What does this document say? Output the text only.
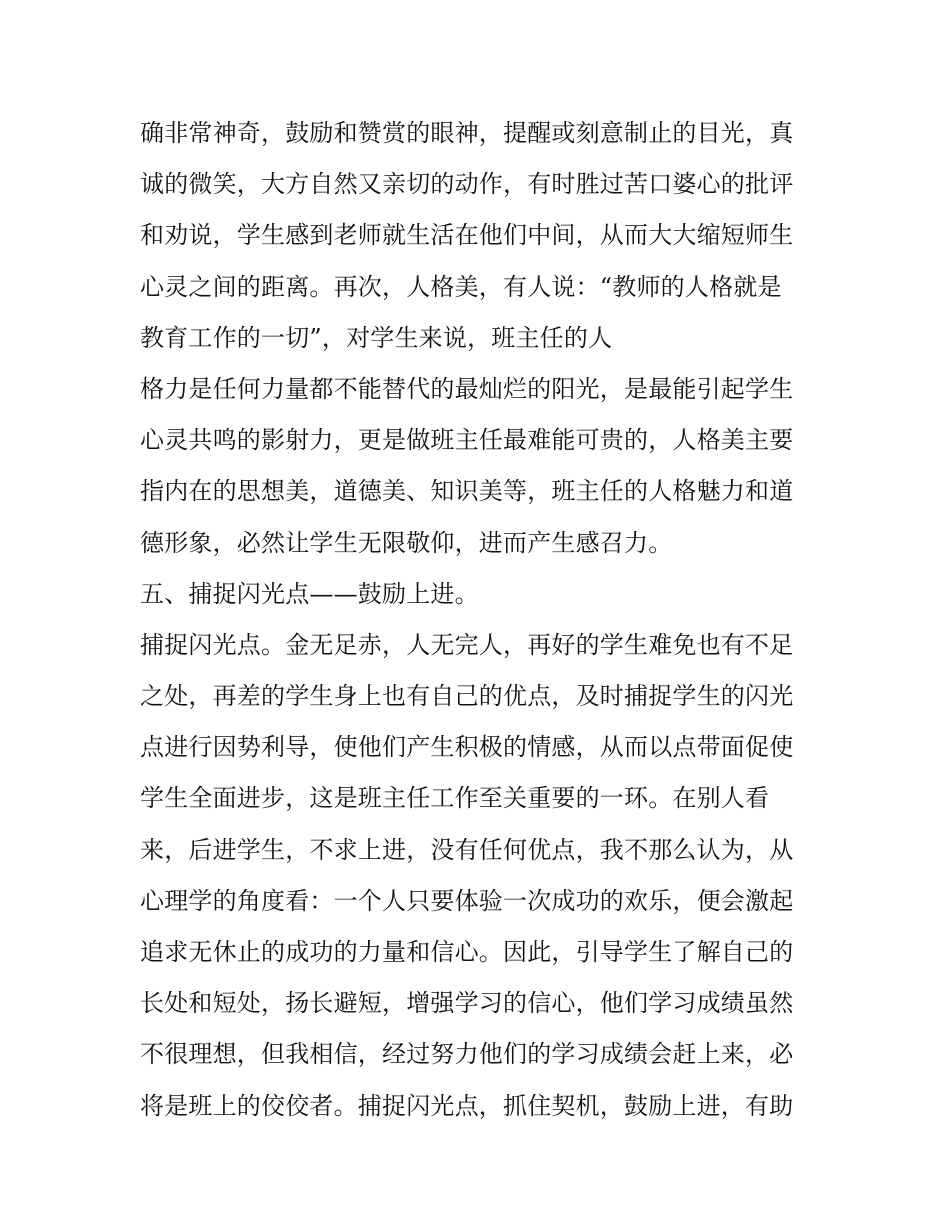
确非常神奇，鼓励和赞赏的眼神，提醒或刻意制止的目光，真
诚的微笑，大方自然又亲切的动作，有时胜过苦口婆心的批评
和劝说，学生感到老师就生活在他们中间，从而大大缩短师生
心灵之间的距离。再次，人格美，有人说：“教师的人格就是
教育工作的一切”，对学生来说，班主任的人
格力是任何力量都不能替代的最灿烂的阳光，是最能引起学生
心灵共鸣的影射力，更是做班主任最难能可贵的，人格美主要
指内在的思想美，道德美、知识美等，班主任的人格魅力和道
德形象，必然让学生无限敬仰，进而产生感召力。
五、捕捉闪光点——鼓励上进。
捕捉闪光点。金无足赤，人无完人，再好的学生难免也有不足
之处，再差的学生身上也有自己的优点，及时捕捉学生的闪光
点进行因势利导，使他们产生积极的情感，从而以点带面促使
学生全面进步，这是班主任工作至关重要的一环。在别人看
来，后进学生，不求上进，没有任何优点，我不那么认为，从
心理学的角度看：一个人只要体验一次成功的欢乐，便会激起
追求无休止的成功的力量和信心。因此，引导学生了解自己的
长处和短处，扬长避短，增强学习的信心，他们学习成绩虽然
不很理想，但我相信，经过努力他们的学习成绩会赶上来，必
将是班上的佼佼者。捕捉闪光点，抓住契机，鼓励上进，有助
